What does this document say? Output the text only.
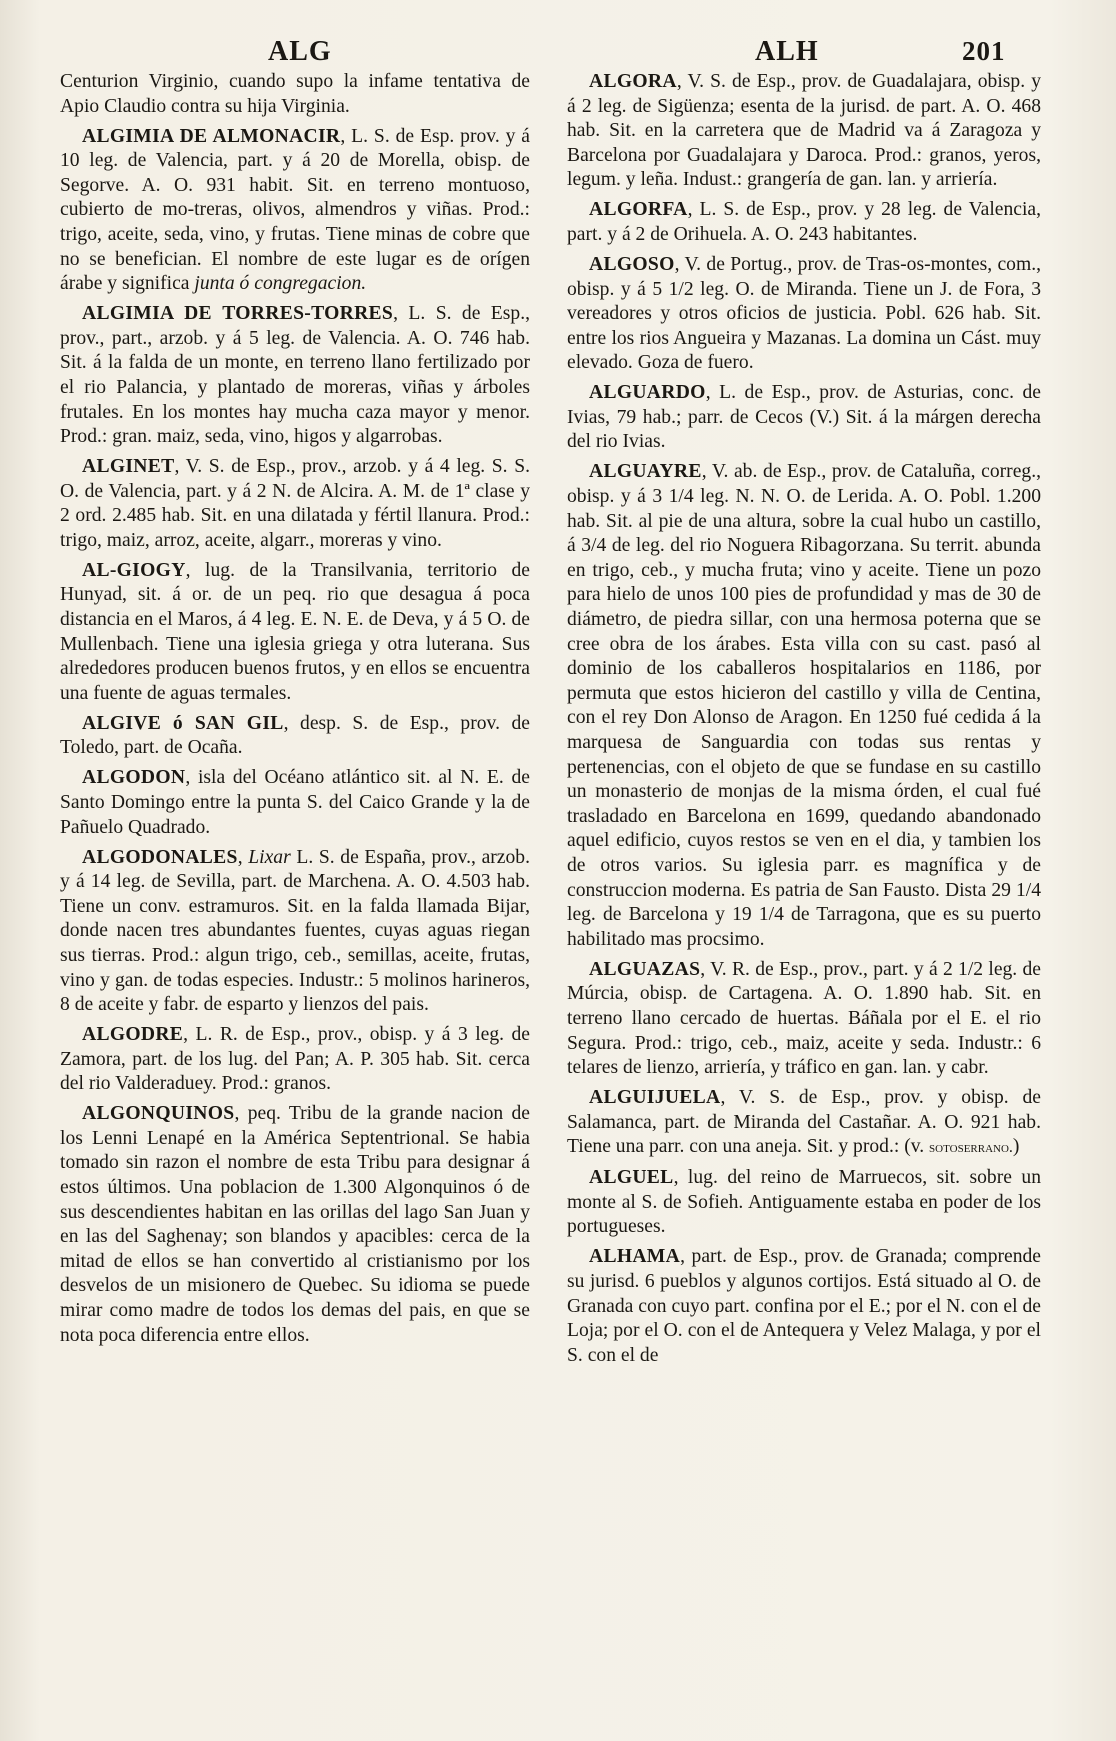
ALG	ALH	201

Centurion Virginio, cuando supo la infame tentativa de Apio Claudio contra su hija Virginia.

ALGIMIA DE ALMONACIR, L. S. de Esp. prov. y á 10 leg. de Valencia, part. y á 20 de Morella, obisp. de Segorve. A. O. 931 habit. Sit. en terreno montuoso, cubierto de mo-treras, olivos, almendros y viñas. Prod.: trigo, aceite, seda, vino, y frutas. Tiene minas de cobre que no se benefician. El nombre de este lugar es de orígen árabe y significa junta ó congregacion.

ALGIMIA DE TORRES-TORRES, L. S. de Esp., prov., part., arzob. y á 5 leg. de Valencia. A. O. 746 hab. Sit. á la falda de un monte, en terreno llano fertilizado por el rio Palancia, y plantado de moreras, viñas y árboles frutales. En los montes hay mucha caza mayor y menor. Prod.: gran. maiz, seda, vino, higos y algarrobas.

ALGINET, V. S. de Esp., prov., arzob. y á 4 leg. S. S. O. de Valencia, part. y á 2 N. de Alcira. A. M. de 1ª clase y 2 ord. 2.485 hab. Sit. en una dilatada y fértil llanura. Prod.: trigo, maiz, arroz, aceite, algarr., moreras y vino.

AL-GIOGY, lug. de la Transilvania, territorio de Hunyad, sit. á or. de un peq. rio que desagua á poca distancia en el Maros, á 4 leg. E. N. E. de Deva, y á 5 O. de Mullenbach. Tiene una iglesia griega y otra luterana. Sus alrededores producen buenos frutos, y en ellos se encuentra una fuente de aguas termales.

ALGIVE ó SAN GIL, desp. S. de Esp., prov. de Toledo, part. de Ocaña.

ALGODON, isla del Océano atlántico sit. al N. E. de Santo Domingo entre la punta S. del Caico Grande y la de Pañuelo Quadrado.

ALGODONALES, Lixar L. S. de España, prov., arzob. y á 14 leg. de Sevilla, part. de Marchena. A. O. 4.503 hab. Tiene un conv. estramuros. Sit. en la falda llamada Bijar, donde nacen tres abundantes fuentes, cuyas aguas riegan sus tierras. Prod.: algun trigo, ceb., semillas, aceite, frutas, vino y gan. de todas especies. Industr.: 5 molinos harineros, 8 de aceite y fabr. de esparto y lienzos del pais.

ALGODRE, L. R. de Esp., prov., obisp. y á 3 leg. de Zamora, part. de los lug. del Pan; A. P. 305 hab. Sit. cerca del rio Valderaduey. Prod.: granos.

ALGONQUINOS, peq. Tribu de la grande nacion de los Lenni Lenapé en la América Septentrional. Se habia tomado sin razon el nombre de esta Tribu para designar á estos últimos. Una poblacion de 1.300 Algonquinos ó de sus descendientes habitan en las orillas del lago San Juan y en las del Saghenay; son blandos y apacibles: cerca de la mitad de ellos se han convertido al cristianismo por los desvelos de un misionero de Quebec. Su idioma se puede mirar como madre de todos los demas del pais, en que se nota poca diferencia entre ellos.

ALGORA, V. S. de Esp., prov. de Guadalajara, obisp. y á 2 leg. de Sigüenza; esenta de la jurisd. de part. A. O. 468 hab. Sit. en la carretera que de Madrid va á Zaragoza y Barcelona por Guadalajara y Daroca. Prod.: granos, yeros, legum. y leña. Indust.: grangería de gan. lan. y arriería.

ALGORFA, L. S. de Esp., prov. y 28 leg. de Valencia, part. y á 2 de Orihuela. A. O. 243 habitantes.

ALGOSO, V. de Portug., prov. de Tras-os-montes, com., obisp. y á 5 1/2 leg. O. de Miranda. Tiene un J. de Fora, 3 vereadores y otros oficios de justicia. Pobl. 626 hab. Sit. entre los rios Angueira y Mazanas. La domina un Cást. muy elevado. Goza de fuero.

ALGUARDO, L. de Esp., prov. de Asturias, conc. de Ivias, 79 hab.; parr. de Cecos (V.) Sit. á la márgen derecha del rio Ivias.

ALGUAYRE, V. ab. de Esp., prov. de Cataluña, correg., obisp. y á 3 1/4 leg. N. N. O. de Lerida. A. O. Pobl. 1.200 hab. Sit. al pie de una altura, sobre la cual hubo un castillo, á 3/4 de leg. del rio Noguera Ribagorzana. Su territ. abunda en trigo, ceb., y mucha fruta; vino y aceite. Tiene un pozo para hielo de unos 100 pies de profundidad y mas de 30 de diámetro, de piedra sillar, con una hermosa poterna que se cree obra de los árabes. Esta villa con su cast. pasó al dominio de los caballeros hospitalarios en 1186, por permuta que estos hicieron del castillo y villa de Centina, con el rey Don Alonso de Aragon. En 1250 fué cedida á la marquesa de Sanguardia con todas sus rentas y pertenencias, con el objeto de que se fundase en su castillo un monasterio de monjas de la misma órden, el cual fué trasladado en Barcelona en 1699, quedando abandonado aquel edificio, cuyos restos se ven en el dia, y tambien los de otros varios. Su iglesia parr. es magnífica y de construccion moderna. Es patria de San Fausto. Dista 29 1/4 leg. de Barcelona y 19 1/4 de Tarragona, que es su puerto habilitado mas procsimo.

ALGUAZAS, V. R. de Esp., prov., part. y á 2 1/2 leg. de Múrcia, obisp. de Cartagena. A. O. 1.890 hab. Sit. en terreno llano cercado de huertas. Báñala por el E. el rio Segura. Prod.: trigo, ceb., maiz, aceite y seda. Industr.: 6 telares de lienzo, arriería, y tráfico en gan. lan. y cabr.

ALGUIJUELA, V. S. de Esp., prov. y obisp. de Salamanca, part. de Miranda del Castañar. A. O. 921 hab. Tiene una parr. con una aneja. Sit. y prod.: (v. sotoserrano.)

ALGUEL, lug. del reino de Marruecos, sit. sobre un monte al S. de Sofieh. Antiguamente estaba en poder de los portugueses.

ALHAMA, part. de Esp., prov. de Granada; comprende su jurisd. 6 pueblos y algunos cortijos. Está situado al O. de Granada con cuyo part. confina por el E.; por el N. con el de Loja; por el O. con el de Antequera y Velez Malaga, y por el S. con el de
